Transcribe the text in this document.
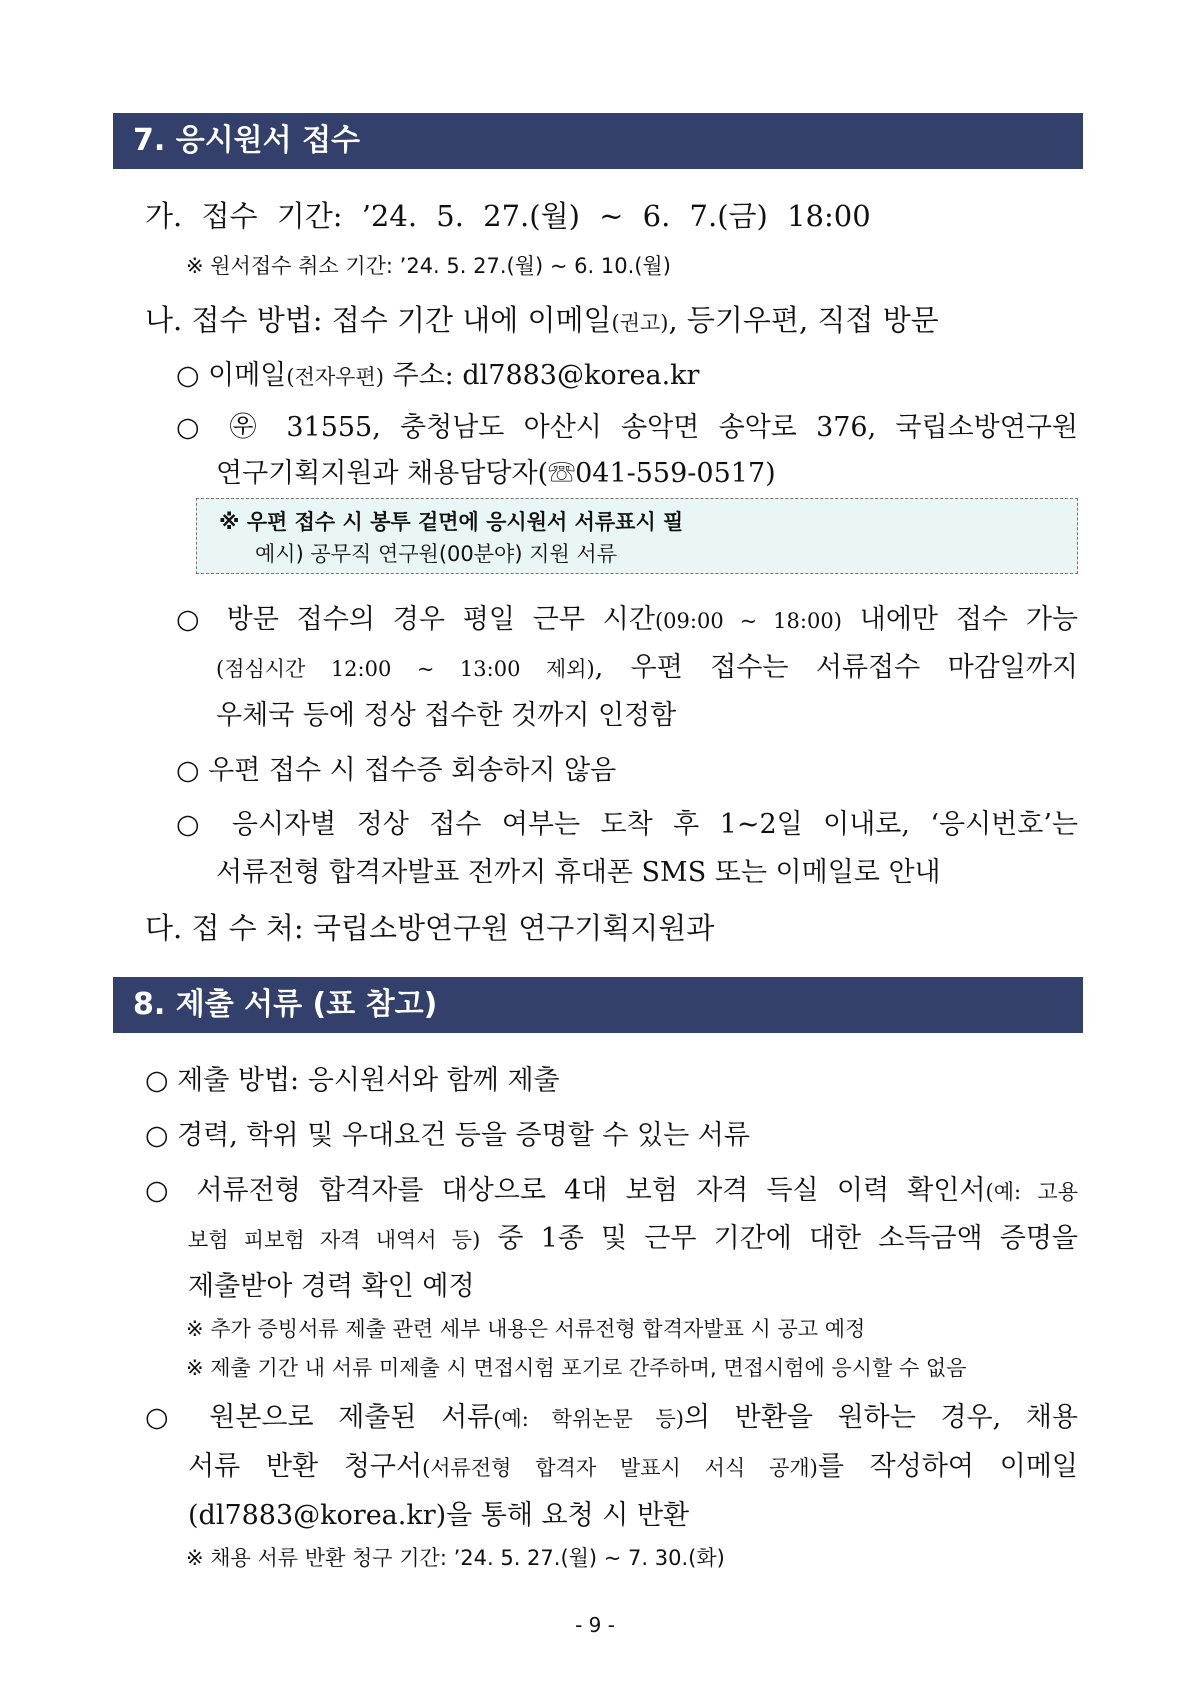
7. 응시원서 접수
가. 접수 기간: ’24. 5. 27.(월) ~ 6. 7.(금) 18:00
※ 원서접수 취소 기간: ’24. 5. 27.(월) ~ 6. 10.(월)
나. 접수 방법: 접수 기간 내에 이메일(권고), 등기우편, 직접 방문
○ 이메일(전자우편) 주소: dl7883@korea.kr
○ ㉾ 31555, 충청남도 아산시 송악면 송악로 376, 국립소방연구원
연구기획지원과 채용담당자(☏041-559-0517)
※ 우편 접수 시 봉투 겉면에 응시원서 서류표시 필
예시) 공무직 연구원(00분야) 지원 서류
○ 방문 접수의 경우 평일 근무 시간(09:00 ~ 18:00) 내에만 접수 가능
(점심시간 12:00 ~ 13:00 제외), 우편 접수는 서류접수 마감일까지
우체국 등에 정상 접수한 것까지 인정함
○ 우편 접수 시 접수증 회송하지 않음
○ 응시자별 정상 접수 여부는 도착 후 1~2일 이내로, ‘응시번호’는
서류전형 합격자발표 전까지 휴대폰 SMS 또는 이메일로 안내
다. 접 수 처: 국립소방연구원 연구기획지원과
8. 제출 서류 (표 참고)
○ 제출 방법: 응시원서와 함께 제출
○ 경력, 학위 및 우대요건 등을 증명할 수 있는 서류
○ 서류전형 합격자를 대상으로 4대 보험 자격 득실 이력 확인서(예: 고용
보험 피보험 자격 내역서 등) 중 1종 및 근무 기간에 대한 소득금액 증명을
제출받아 경력 확인 예정
※ 추가 증빙서류 제출 관련 세부 내용은 서류전형 합격자발표 시 공고 예정
※ 제출 기간 내 서류 미제출 시 면접시험 포기로 간주하며, 면접시험에 응시할 수 없음
○ 원본으로 제출된 서류(예: 학위논문 등)의 반환을 원하는 경우, 채용
서류 반환 청구서(서류전형 합격자 발표시 서식 공개)를 작성하여 이메일
(dl7883@korea.kr)을 통해 요청 시 반환
※ 채용 서류 반환 청구 기간: ’24. 5. 27.(월) ~ 7. 30.(화)
- 9 -
